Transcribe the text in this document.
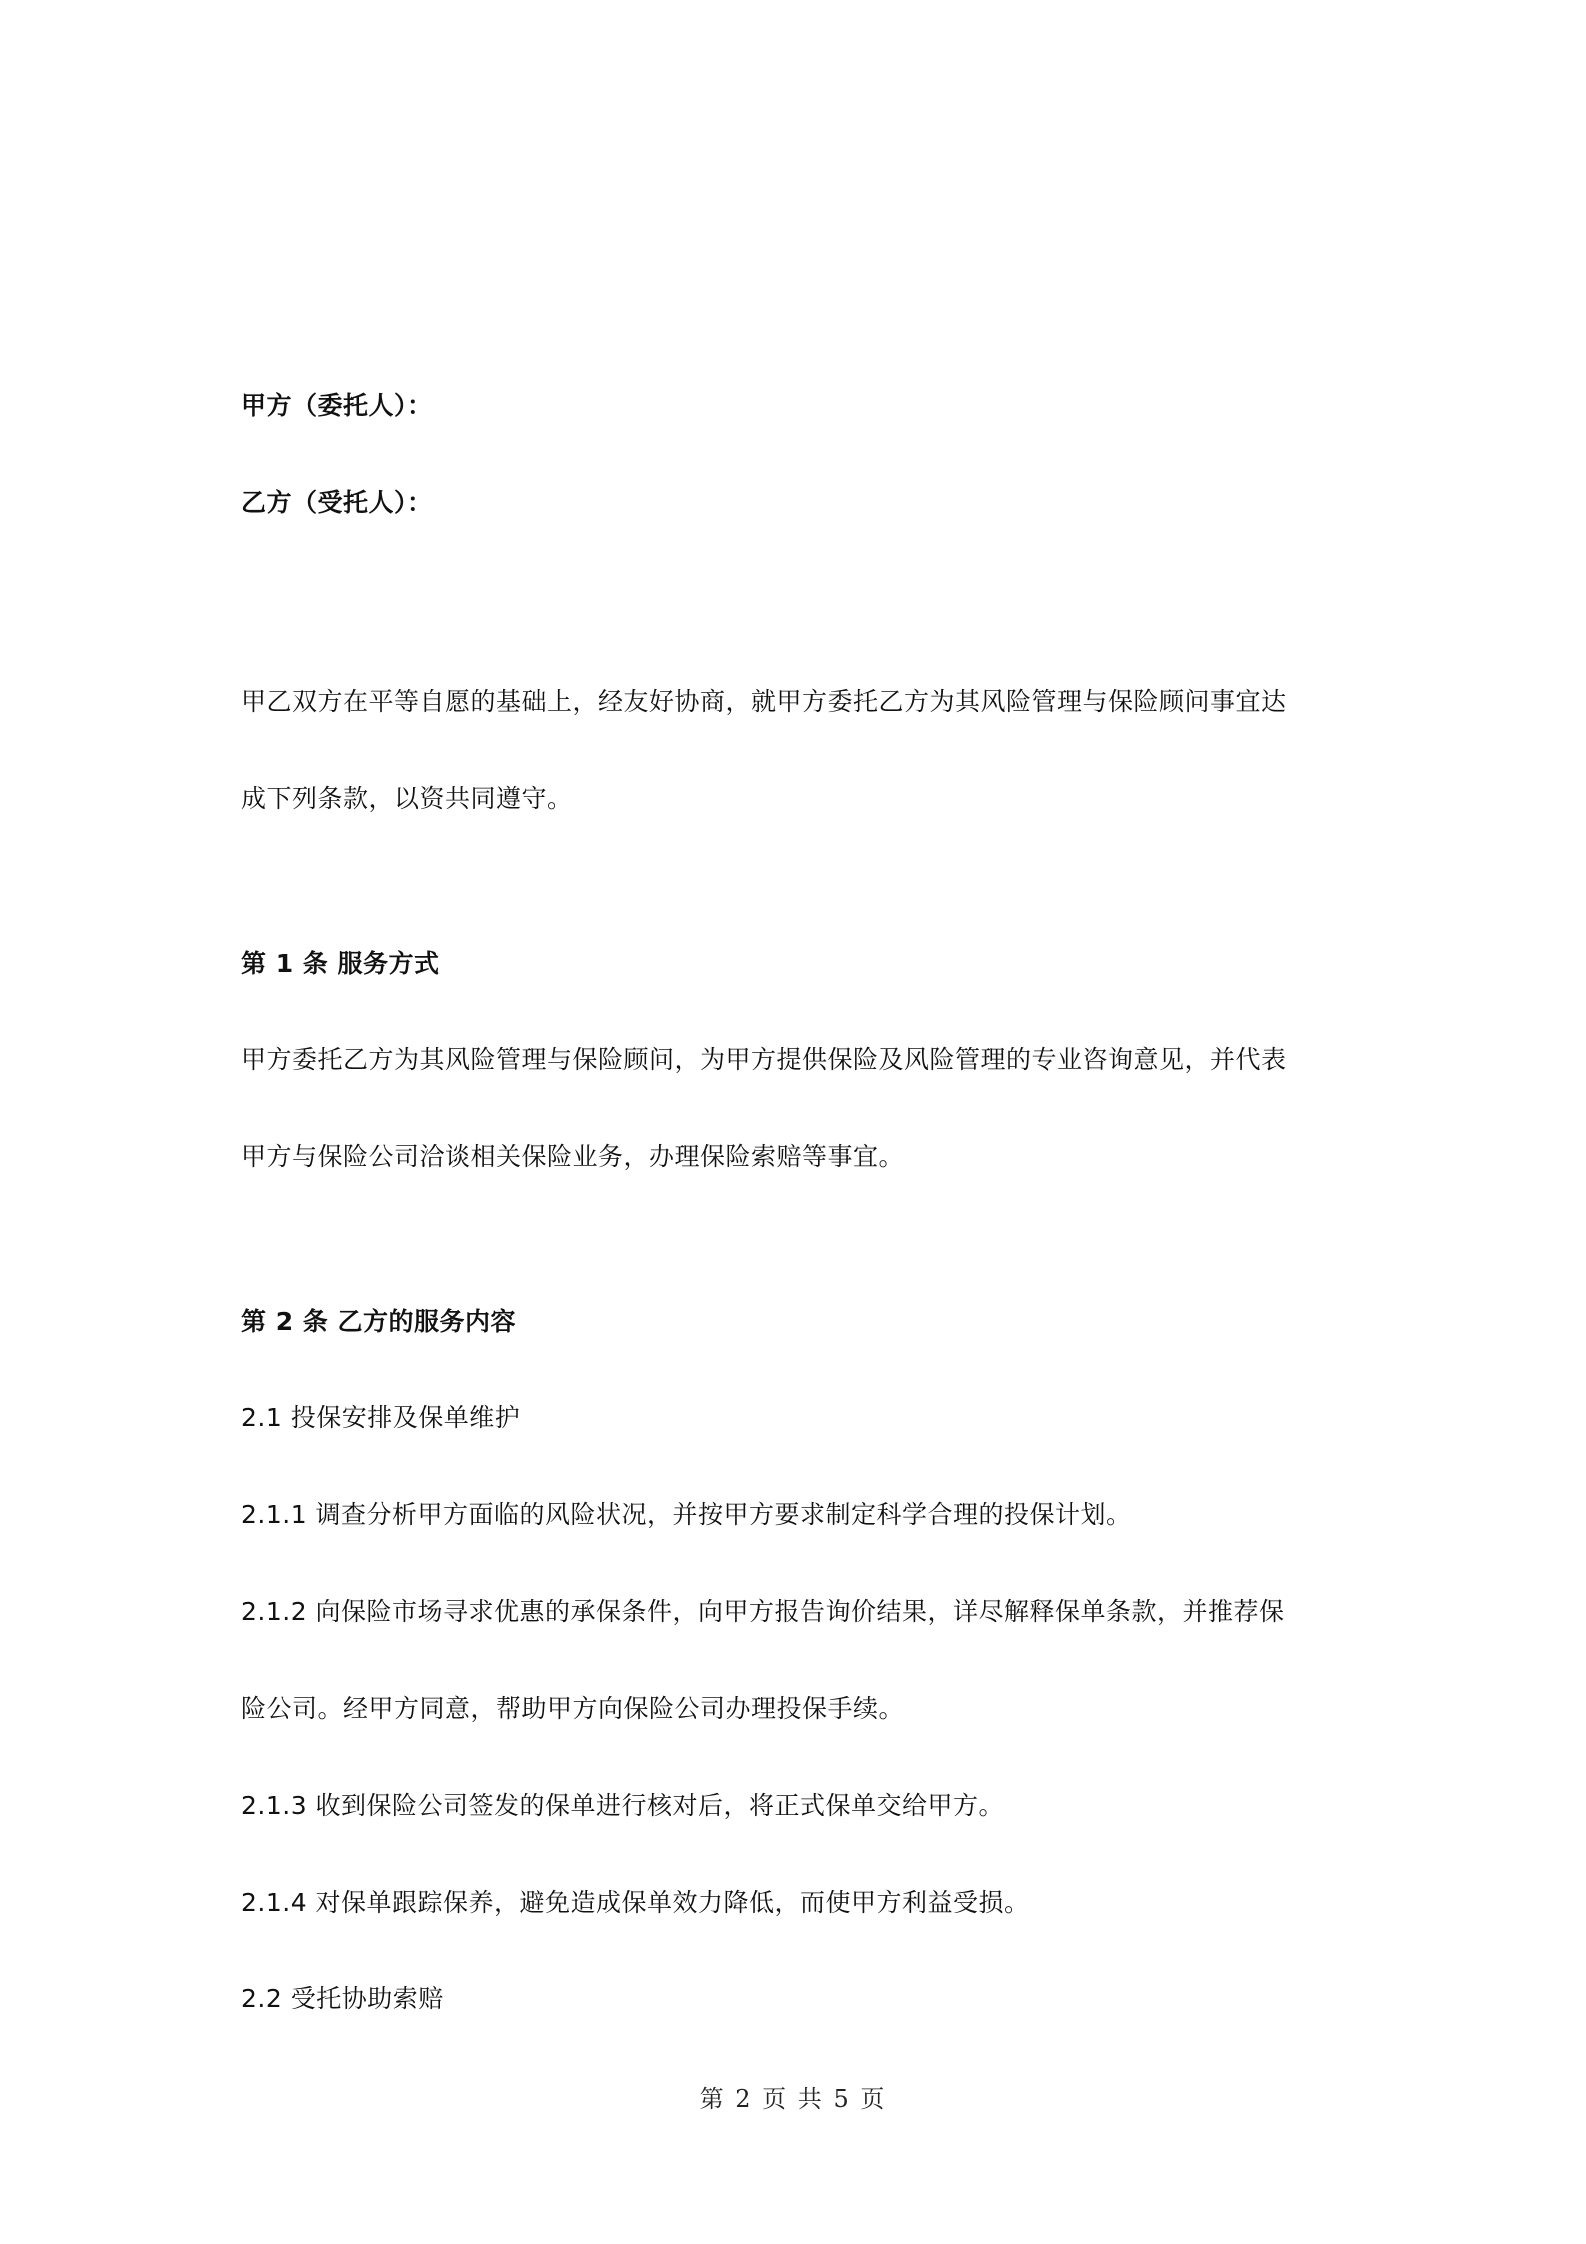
甲方（委托人）：
乙方（受托人）：
甲乙双方在平等自愿的基础上，经友好协商，就甲方委托乙方为其风险管理与保险顾问事宜达
成下列条款，以资共同遵守。
第 1 条 服务方式
甲方委托乙方为其风险管理与保险顾问，为甲方提供保险及风险管理的专业咨询意见，并代表
甲方与保险公司洽谈相关保险业务，办理保险索赔等事宜。
第 2 条 乙方的服务内容
2.1 投保安排及保单维护
2.1.1 调查分析甲方面临的风险状况，并按甲方要求制定科学合理的投保计划。
2.1.2 向保险市场寻求优惠的承保条件，向甲方报告询价结果，详尽解释保单条款，并推荐保
险公司。经甲方同意，帮助甲方向保险公司办理投保手续。
2.1.3 收到保险公司签发的保单进行核对后，将正式保单交给甲方。
2.1.4 对保单跟踪保养，避免造成保单效力降低，而使甲方利益受损。
2.2 受托协助索赔
第 2 页 共 5 页
